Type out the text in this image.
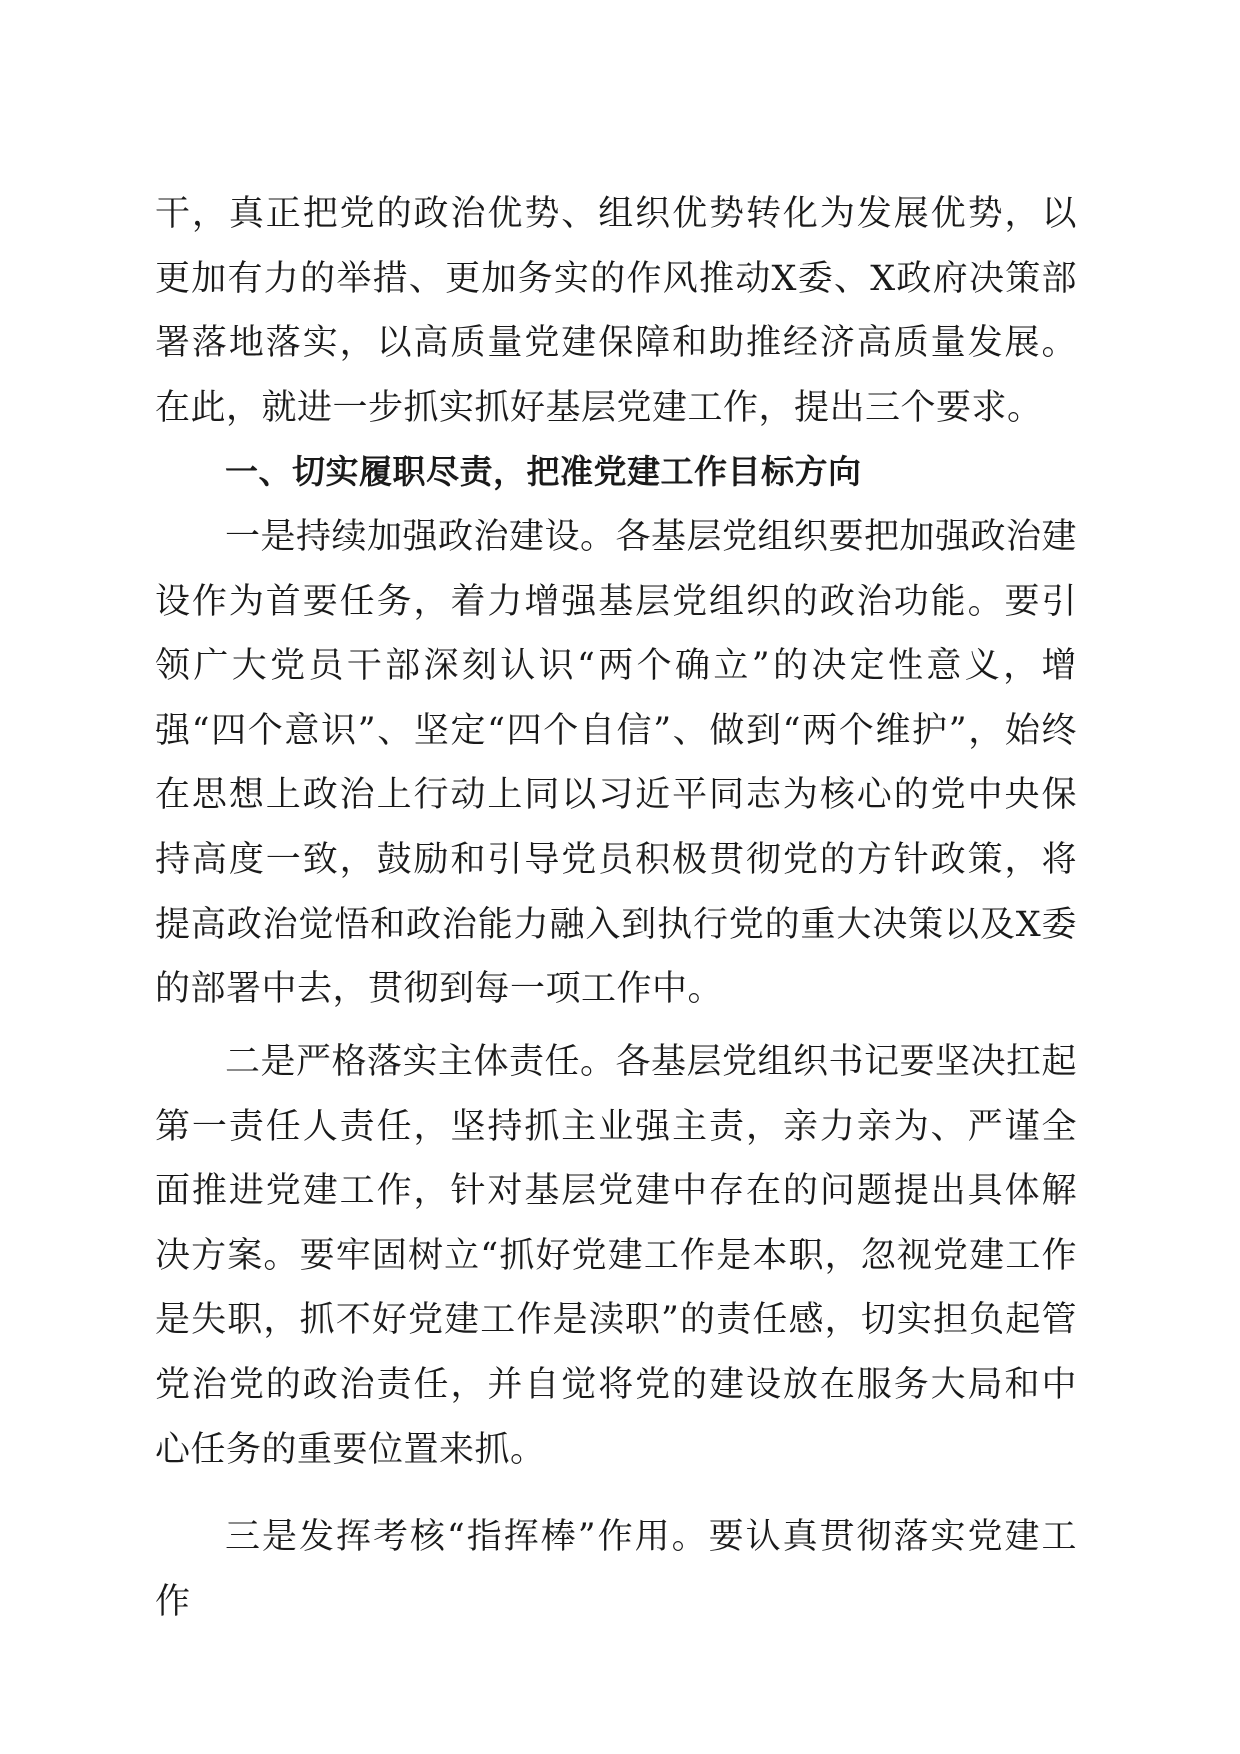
干，真正把党的政治优势、组织优势转化为发展优势，以更加有力的举措、更加务实的作风推动X委、X政府决策部署落地落实，以高质量党建保障和助推经济高质量发展。在此，就进一步抓实抓好基层党建工作，提出三个要求。

一、切实履职尽责，把准党建工作目标方向

一是持续加强政治建设。各基层党组织要把加强政治建设作为首要任务，着力增强基层党组织的政治功能。要引领广大党员干部深刻认识“两个确立”的决定性意义，增强“四个意识”、坚定“四个自信”、做到“两个维护”，始终在思想上政治上行动上同以习近平同志为核心的党中央保持高度一致，鼓励和引导党员积极贯彻党的方针政策，将提高政治觉悟和政治能力融入到执行党的重大决策以及X委的部署中去，贯彻到每一项工作中。

二是严格落实主体责任。各基层党组织书记要坚决扛起第一责任人责任，坚持抓主业强主责，亲力亲为、严谨全面推进党建工作，针对基层党建中存在的问题提出具体解决方案。要牢固树立“抓好党建工作是本职，忽视党建工作是失职，抓不好党建工作是渎职”的责任感，切实担负起管党治党的政治责任，并自觉将党的建设放在服务大局和中心任务的重要位置来抓。

三是发挥考核“指挥棒”作用。要认真贯彻落实党建工作
